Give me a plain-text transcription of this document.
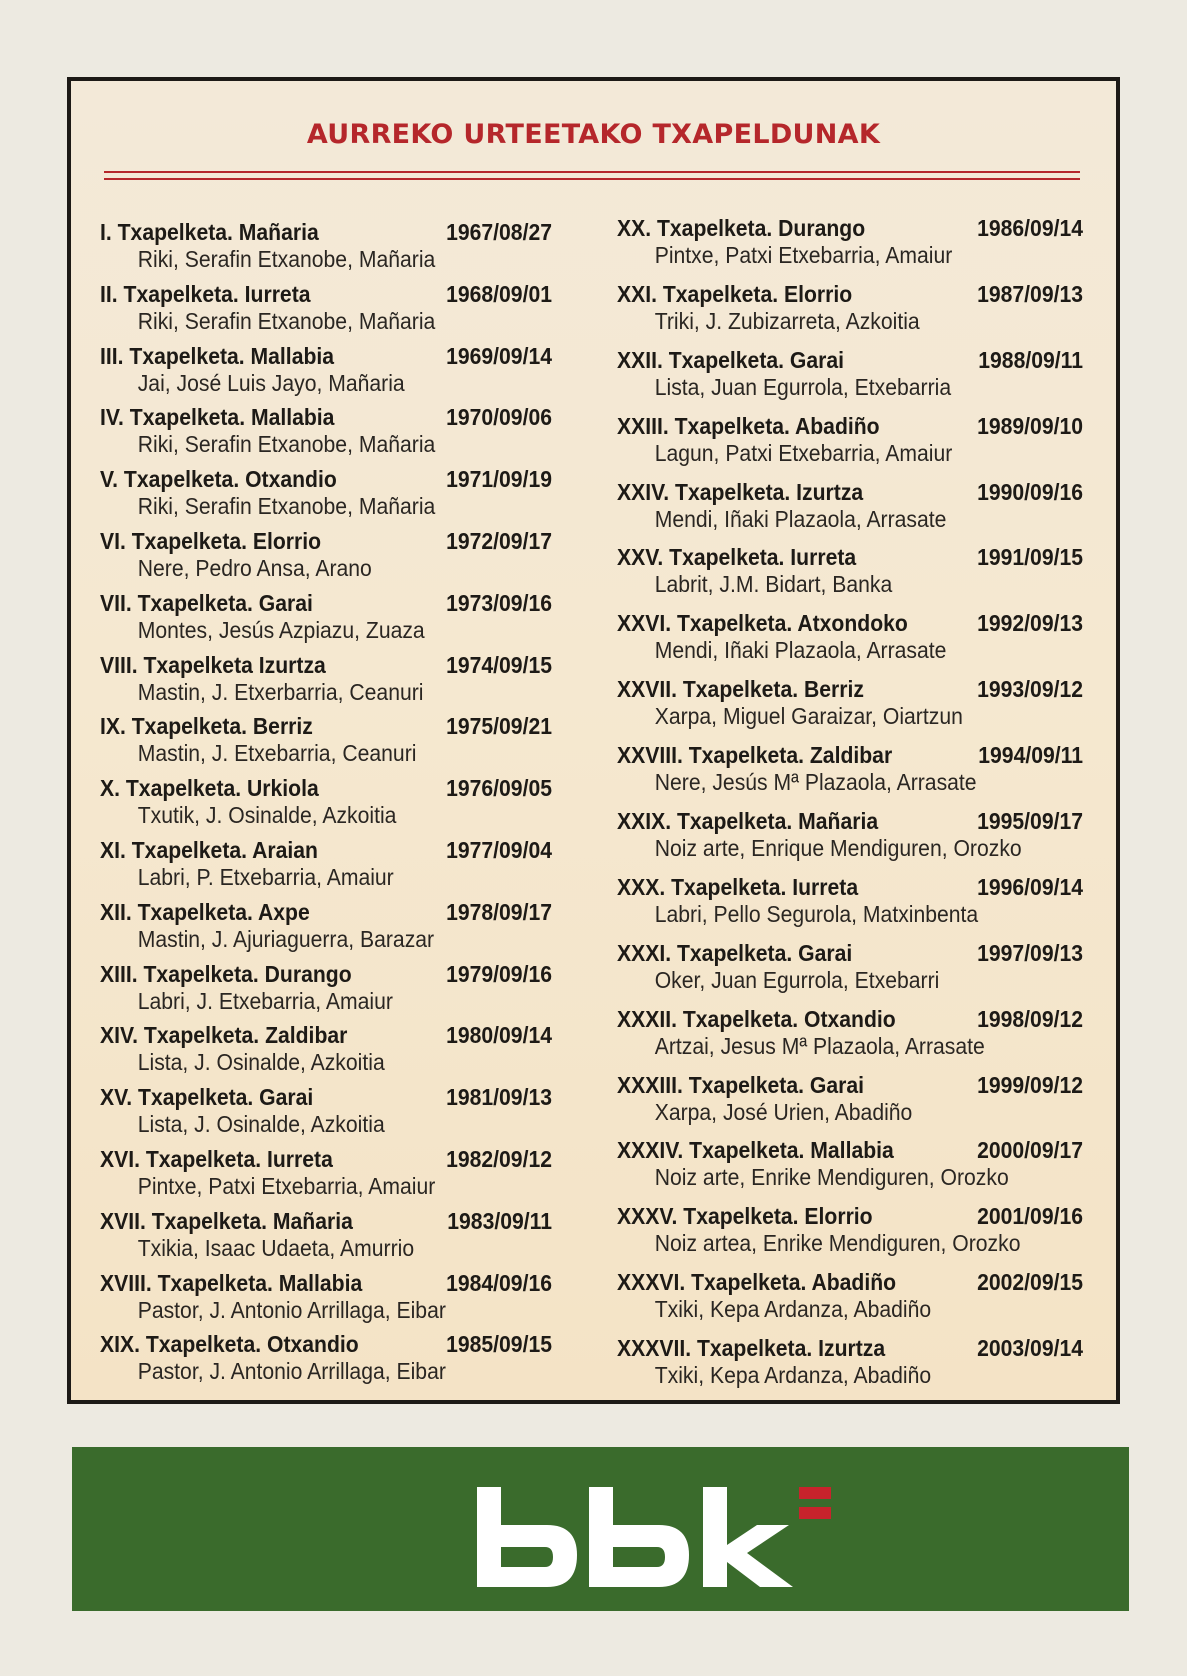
AURREKO URTEETAKO TXAPELDUNAK
I. Txapelketa. Mañaria	1967/08/27
Riki, Serafin Etxanobe, Mañaria
II. Txapelketa. Iurreta	1968/09/01
Riki, Serafin Etxanobe, Mañaria
III. Txapelketa. Mallabia	1969/09/14
Jai, José Luis Jayo, Mañaria
IV. Txapelketa. Mallabia	1970/09/06
Riki, Serafin Etxanobe, Mañaria
V. Txapelketa. Otxandio	1971/09/19
Riki, Serafin Etxanobe, Mañaria
VI. Txapelketa. Elorrio	1972/09/17
Nere, Pedro Ansa, Arano
VII. Txapelketa. Garai	1973/09/16
Montes, Jesús Azpiazu, Zuaza
VIII. Txapelketa Izurtza	1974/09/15
Mastin, J. Etxerbarria, Ceanuri
IX. Txapelketa. Berriz	1975/09/21
Mastin, J. Etxebarria, Ceanuri
X. Txapelketa. Urkiola	1976/09/05
Txutik, J. Osinalde, Azkoitia
XI. Txapelketa. Araian	1977/09/04
Labri, P. Etxebarria, Amaiur
XII. Txapelketa. Axpe	1978/09/17
Mastin, J. Ajuriaguerra, Barazar
XIII. Txapelketa. Durango	1979/09/16
Labri, J. Etxebarria, Amaiur
XIV. Txapelketa. Zaldibar	1980/09/14
Lista, J. Osinalde, Azkoitia
XV. Txapelketa. Garai	1981/09/13
Lista, J. Osinalde, Azkoitia
XVI. Txapelketa. Iurreta	1982/09/12
Pintxe, Patxi Etxebarria, Amaiur
XVII. Txapelketa. Mañaria	1983/09/11
Txikia, Isaac Udaeta, Amurrio
XVIII. Txapelketa. Mallabia	1984/09/16
Pastor, J. Antonio Arrillaga, Eibar
XIX. Txapelketa. Otxandio	1985/09/15
Pastor, J. Antonio Arrillaga, Eibar
XX. Txapelketa. Durango	1986/09/14
Pintxe, Patxi Etxebarria, Amaiur
XXI. Txapelketa. Elorrio	1987/09/13
Triki, J. Zubizarreta, Azkoitia
XXII. Txapelketa. Garai	1988/09/11
Lista, Juan Egurrola, Etxebarria
XXIII. Txapelketa. Abadiño	1989/09/10
Lagun, Patxi Etxebarria, Amaiur
XXIV. Txapelketa. Izurtza	1990/09/16
Mendi, Iñaki Plazaola, Arrasate
XXV. Txapelketa. Iurreta	1991/09/15
Labrit, J.M. Bidart, Banka
XXVI. Txapelketa. Atxondoko	1992/09/13
Mendi, Iñaki Plazaola, Arrasate
XXVII. Txapelketa. Berriz	1993/09/12
Xarpa, Miguel Garaizar, Oiartzun
XXVIII. Txapelketa. Zaldibar	1994/09/11
Nere, Jesús Mª Plazaola, Arrasate
XXIX. Txapelketa. Mañaria	1995/09/17
Noiz arte, Enrique Mendiguren, Orozko
XXX. Txapelketa. Iurreta	1996/09/14
Labri, Pello Segurola, Matxinbenta
XXXI. Txapelketa. Garai	1997/09/13
Oker, Juan Egurrola, Etxebarri
XXXII. Txapelketa. Otxandio	1998/09/12
Artzai, Jesus Mª Plazaola, Arrasate
XXXIII. Txapelketa. Garai	1999/09/12
Xarpa, José Urien, Abadiño
XXXIV. Txapelketa. Mallabia	2000/09/17
Noiz arte, Enrike Mendiguren, Orozko
XXXV. Txapelketa. Elorrio	2001/09/16
Noiz artea, Enrike Mendiguren, Orozko
XXXVI. Txapelketa. Abadiño	2002/09/15
Txiki, Kepa Ardanza, Abadiño
XXXVII. Txapelketa. Izurtza	2003/09/14
Txiki, Kepa Ardanza, Abadiño
